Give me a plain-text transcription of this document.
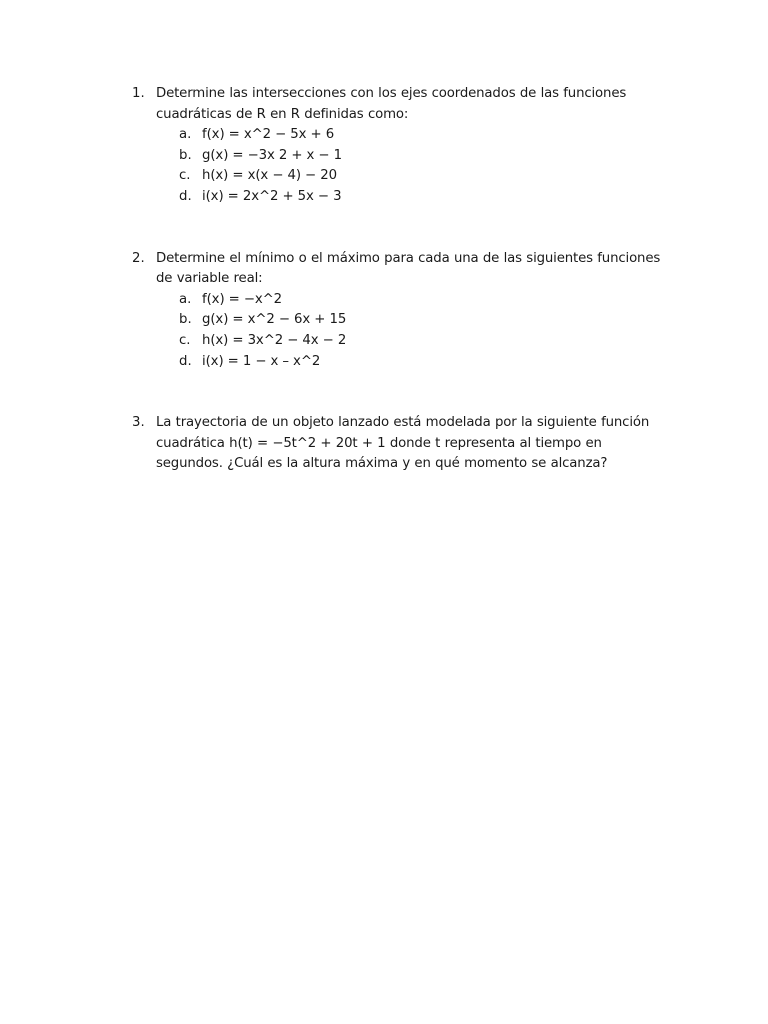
1. Determine las intersecciones con los ejes coordenados de las funciones cuadráticas de R en R definidas como:
a. f(x) = x^2 − 5x + 6
b. g(x) = −3x 2 + x − 1
c. h(x) = x(x − 4) − 20
d. i(x) = 2x^2 + 5x − 3
2. Determine el mínimo o el máximo para cada una de las siguientes funciones de variable real:
a. f(x) = −x^2
b. g(x) = x^2 − 6x + 15
c. h(x) = 3x^2 − 4x − 2
d. i(x) = 1 − x – x^2
3. La trayectoria de un objeto lanzado está modelada por la siguiente función cuadrática h(t) = −5t^2 + 20t + 1 donde t representa al tiempo en segundos. ¿Cuál es la altura máxima y en qué momento se alcanza?
